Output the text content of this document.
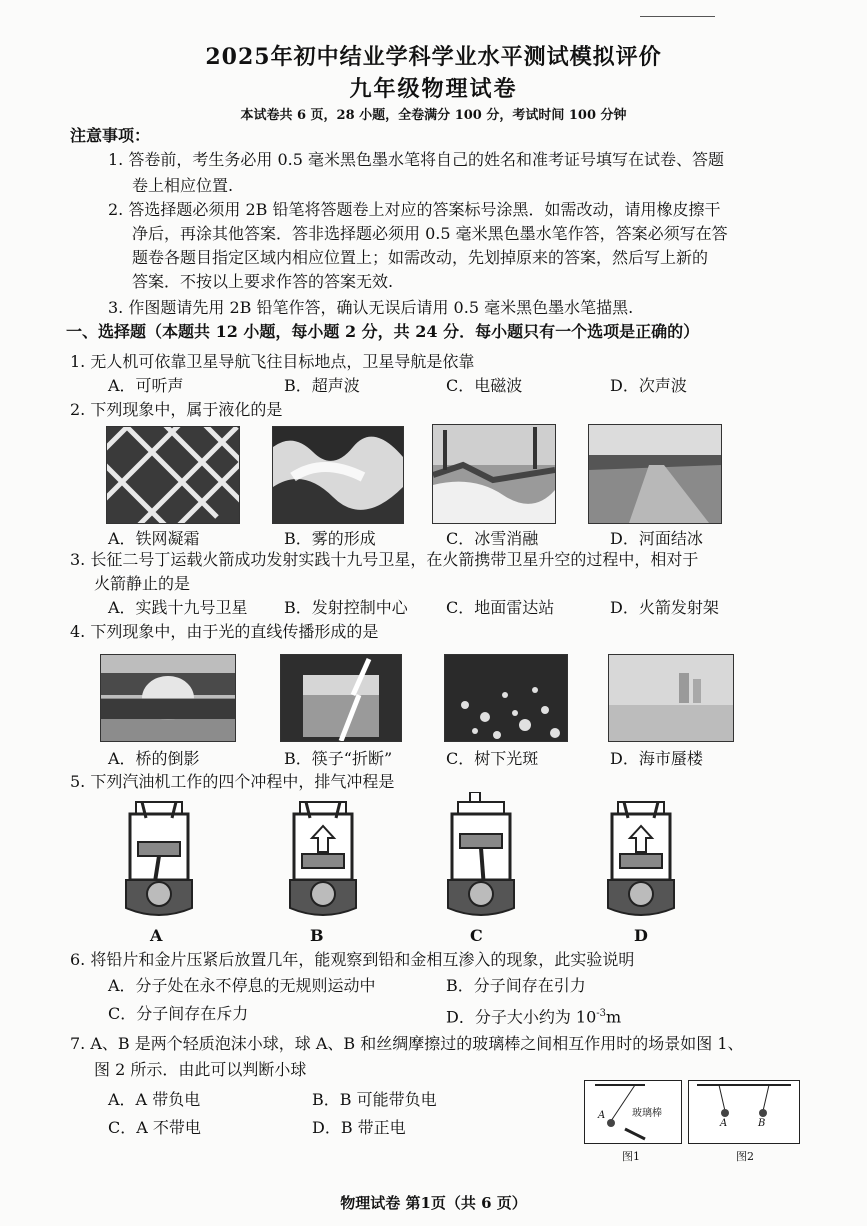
2025年初中结业学科学业水平测试模拟评价
九年级物理试卷
本试卷共 6 页，28 小题，全卷满分 100 分，考试时间 100 分钟
注意事项：
1. 答卷前，考生务必用 0.5 毫米黑色墨水笔将自己的姓名和准考证号填写在试卷、答题
卷上相应位置.
2. 答选择题必须用 2B 铅笔将答题卷上对应的答案标号涂黑．如需改动，请用橡皮擦干
净后，再涂其他答案．答非选择题必须用 0.5 毫米黑色墨水笔作答，答案必须写在答
题卷各题目指定区域内相应位置上；如需改动，先划掉原来的答案，然后写上新的
答案．不按以上要求作答的答案无效.
3. 作图题请先用 2B 铅笔作答，确认无误后请用 0.5 毫米黑色墨水笔描黑.
一、选择题（本题共 12 小题，每小题 2 分，共 24 分．每小题只有一个选项是正确的）
1. 无人机可依靠卫星导航飞往目标地点，卫星导航是依靠
A．可听声	B．超声波	C．电磁波	D．次声波
2. 下列现象中，属于液化的是
A．铁网凝霜	B．雾的形成	C．冰雪消融	D．河面结冰
3. 长征二号丁运载火箭成功发射实践十九号卫星，在火箭携带卫星升空的过程中，相对于
火箭静止的是
A．实践十九号卫星 B．发射控制中心 C．地面雷达站	D．火箭发射架
4. 下列现象中，由于光的直线传播形成的是
A．桥的倒影	B．筷子“折断”	C．树下光斑	D．海市蜃楼
5. 下列汽油机工作的四个冲程中，排气冲程是
A	B	C	D
6. 将铅片和金片压紧后放置几年，能观察到铅和金相互渗入的现象，此实验说明
A．分子处在永不停息的无规则运动中	B．分子间存在引力
C．分子间存在斥力	D．分子大小约为 $10^{-3}m$
7. A、B 是两个轻质泡沫小球，球 A、B 和丝绸摩擦过的玻璃棒之间相互作用时的场景如图 1、
图 2 所示．由此可以判断小球
A．A 带负电	B．B 可能带负电
C．A 不带电	D．B 带正电
A	玻璃棒
A	B
图1	图2
物理试卷 第1页（共 6 页）
